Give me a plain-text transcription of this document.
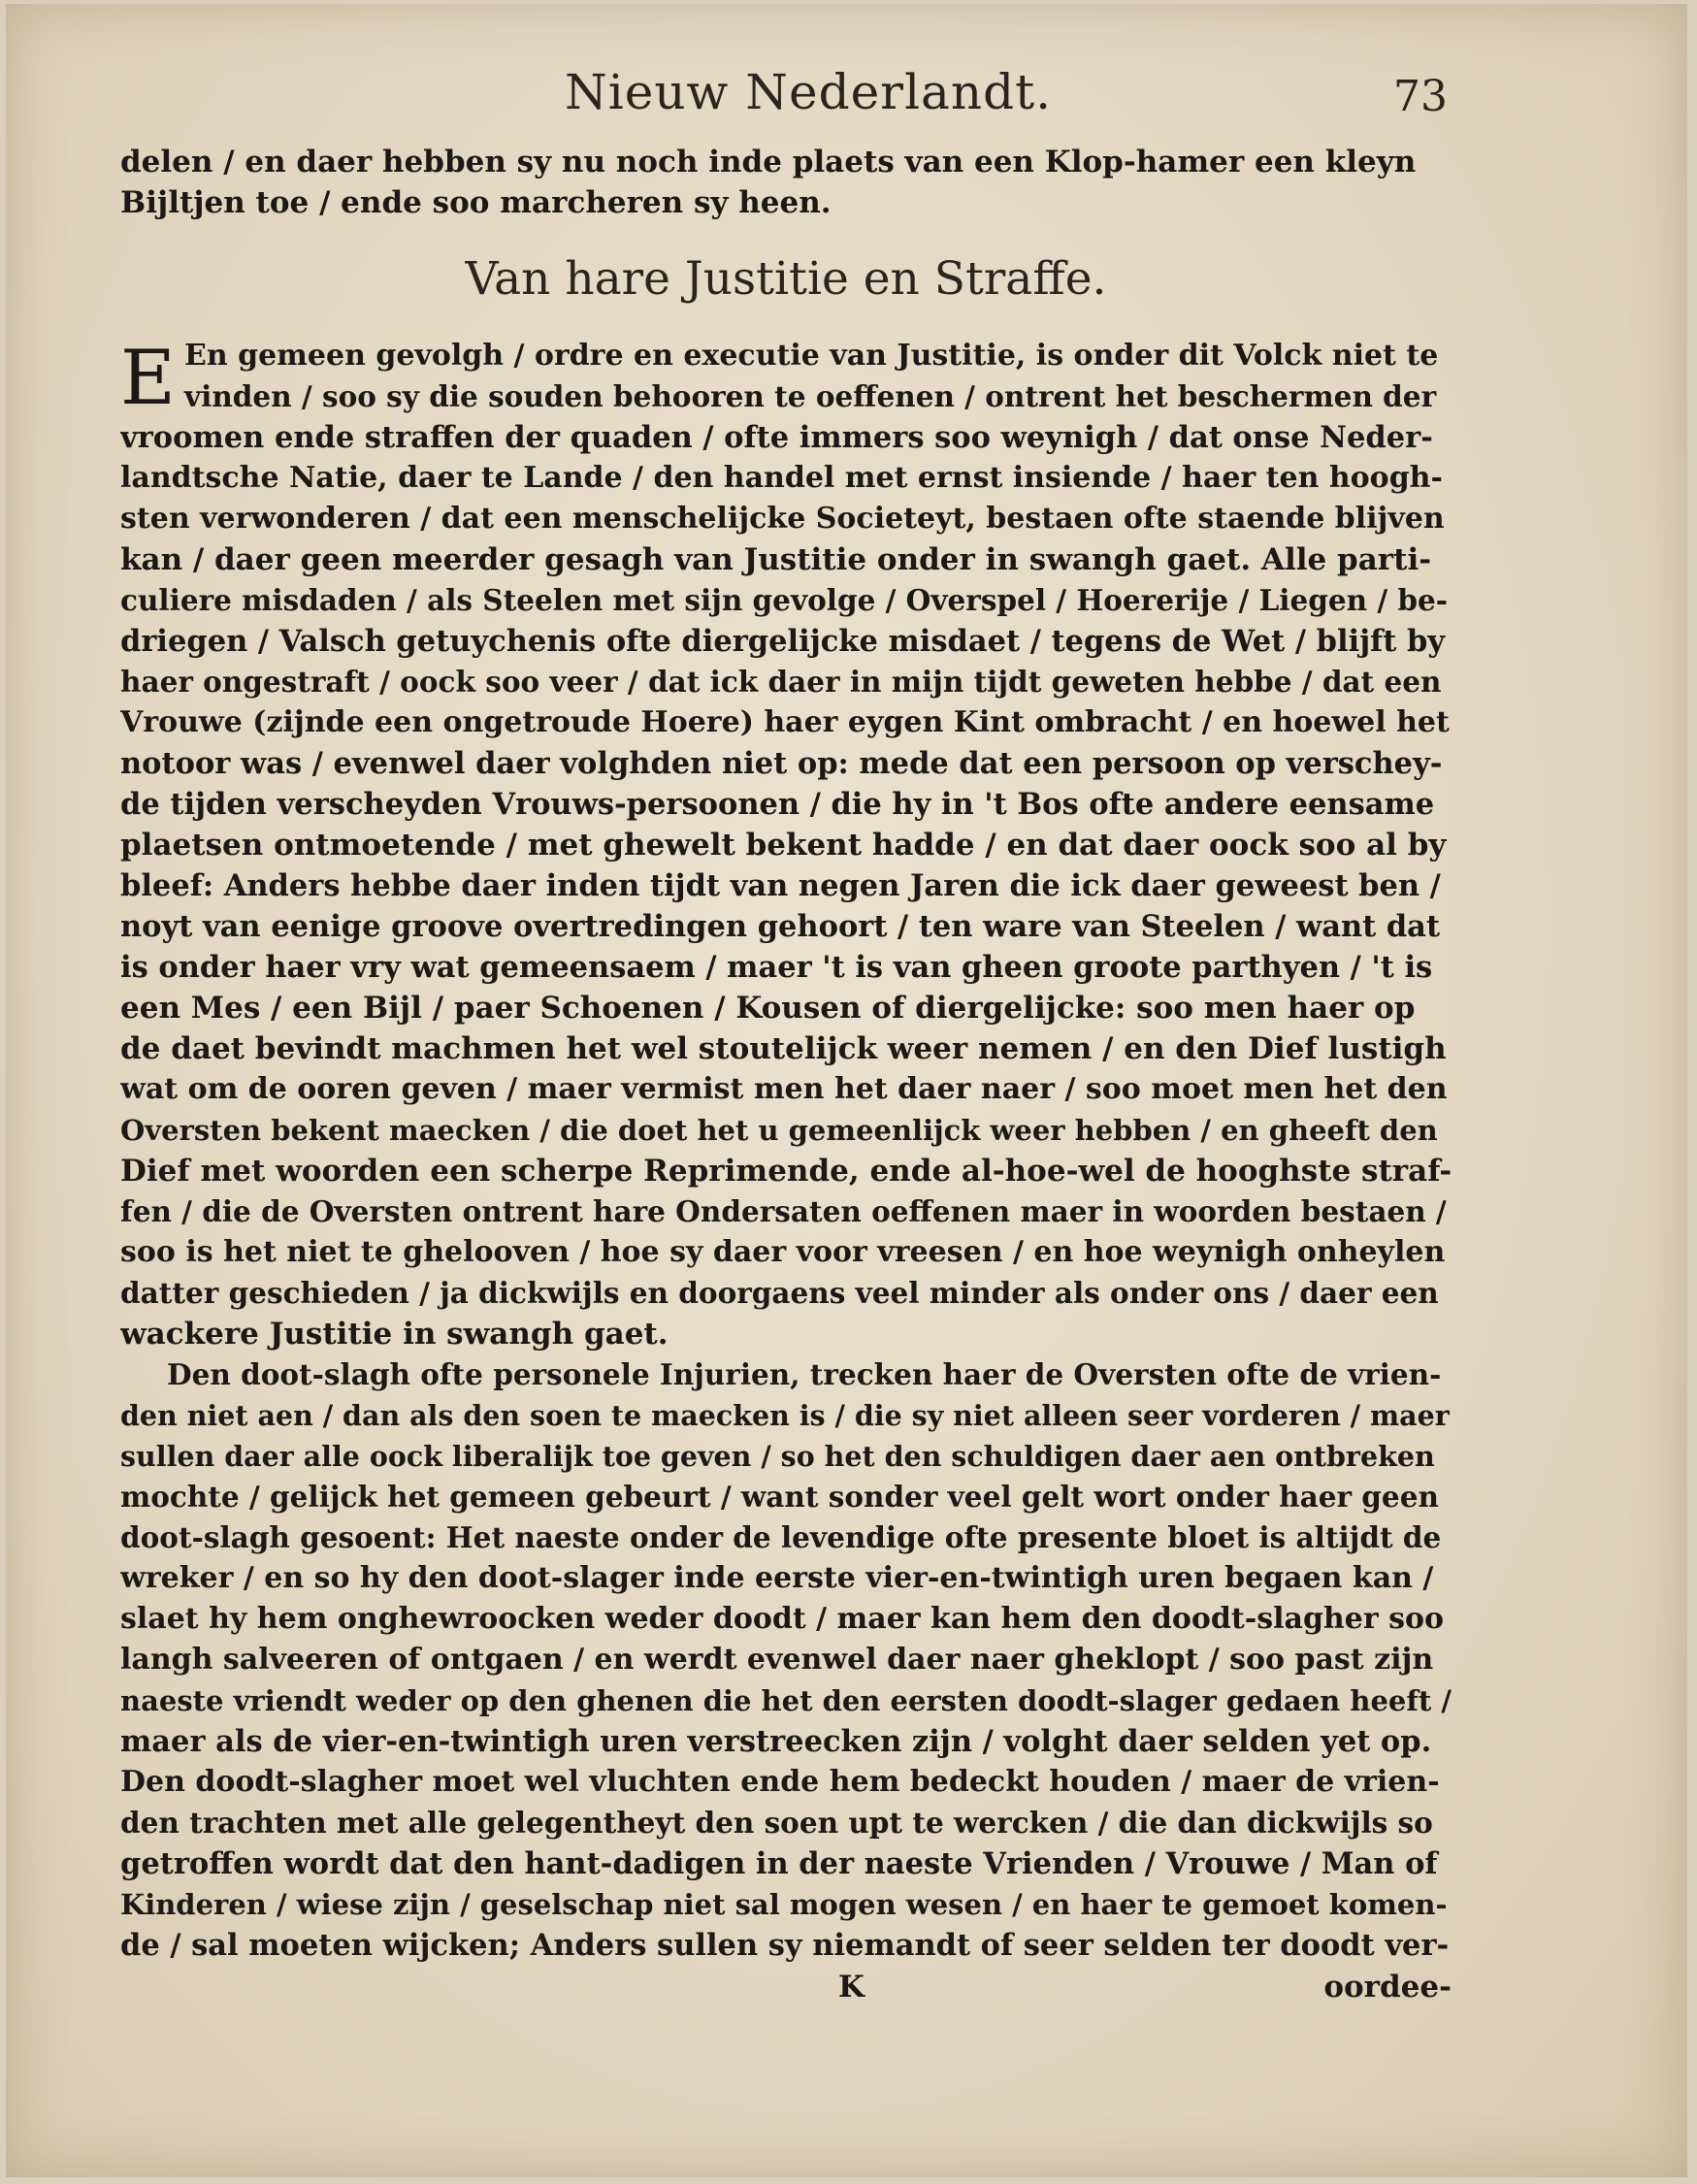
Nieuw Nederlandt.	73
delen / en daer hebben sy nu noch inde plaets van een Klop-hamer een kleyn
Bijltjen toe / ende soo marcheren sy heen.
Van hare Justitie en Straffe.
E En gemeen gevolgh / ordre en executie van Justitie, is onder dit Volck niet te
vinden / soo sy die souden behooren te oeffenen / ontrent het beschermen der
vroomen ende straffen der quaden / ofte immers soo weynigh / dat onse Neder-
landtsche Natie, daer te Lande / den handel met ernst insiende / haer ten hoogh-
sten verwonderen / dat een menschelijcke Societeyt, bestaen ofte staende blijven
kan / daer geen meerder gesagh van Justitie onder in swangh gaet. Alle parti-
culiere misdaden / als Steelen met sijn gevolge / Overspel / Hoererije / Liegen / be-
driegen / Valsch getuychenis ofte diergelijcke misdaet / tegens de Wet / blijft by
haer ongestraft / oock soo veer / dat ick daer in mijn tijdt geweten hebbe / dat een
Vrouwe (zijnde een ongetroude Hoere) haer eygen Kint ombracht / en hoewel het
notoor was / evenwel daer volghden niet op: mede dat een persoon op verschey-
de tijden verscheyden Vrouws-persoonen / die hy in 't Bos ofte andere eensame
plaetsen ontmoetende / met ghewelt bekent hadde / en dat daer oock soo al by
bleef: Anders hebbe daer inden tijdt van negen Jaren die ick daer geweest ben /
noyt van eenige groove overtredingen gehoort / ten ware van Steelen / want dat
is onder haer vry wat gemeensaem / maer 't is van gheen groote parthyen / 't is
een Mes / een Bijl / paer Schoenen / Kousen of diergelijcke: soo men haer op
de daet bevindt machmen het wel stoutelijck weer nemen / en den Dief lustigh
wat om de ooren geven / maer vermist men het daer naer / soo moet men het den
Oversten bekent maecken / die doet het u gemeenlijck weer hebben / en gheeft den
Dief met woorden een scherpe Reprimende, ende al-hoe-wel de hooghste straf-
fen / die de Oversten ontrent hare Ondersaten oeffenen maer in woorden bestaen /
soo is het niet te ghelooven / hoe sy daer voor vreesen / en hoe weynigh onheylen
datter geschieden / ja dickwijls en doorgaens veel minder als onder ons / daer een
wackere Justitie in swangh gaet.
Den doot-slagh ofte personele Injurien, trecken haer de Oversten ofte de vrien-
den niet aen / dan als den soen te maecken is / die sy niet alleen seer vorderen / maer
sullen daer alle oock liberalijk toe geven / so het den schuldigen daer aen ontbreken
mochte / gelijck het gemeen gebeurt / want sonder veel gelt wort onder haer geen
doot-slagh gesoent: Het naeste onder de levendige ofte presente bloet is altijdt de
wreker / en so hy den doot-slager inde eerste vier-en-twintigh uren begaen kan /
slaet hy hem onghewroocken weder doodt / maer kan hem den doodt-slagher soo
langh salveeren of ontgaen / en werdt evenwel daer naer gheklopt / soo past zijn
naeste vriendt weder op den ghenen die het den eersten doodt-slager gedaen heeft /
maer als de vier-en-twintigh uren verstreecken zijn / volght daer selden yet op.
Den doodt-slagher moet wel vluchten ende hem bedeckt houden / maer de vrien-
den trachten met alle gelegentheyt den soen upt te wercken / die dan dickwijls so
getroffen wordt dat den hant-dadigen in der naeste Vrienden / Vrouwe / Man of
Kinderen / wiese zijn / geselschap niet sal mogen wesen / en haer te gemoet komen-
de / sal moeten wijcken; Anders sullen sy niemandt of seer selden ter doodt ver-
K	oordee-
